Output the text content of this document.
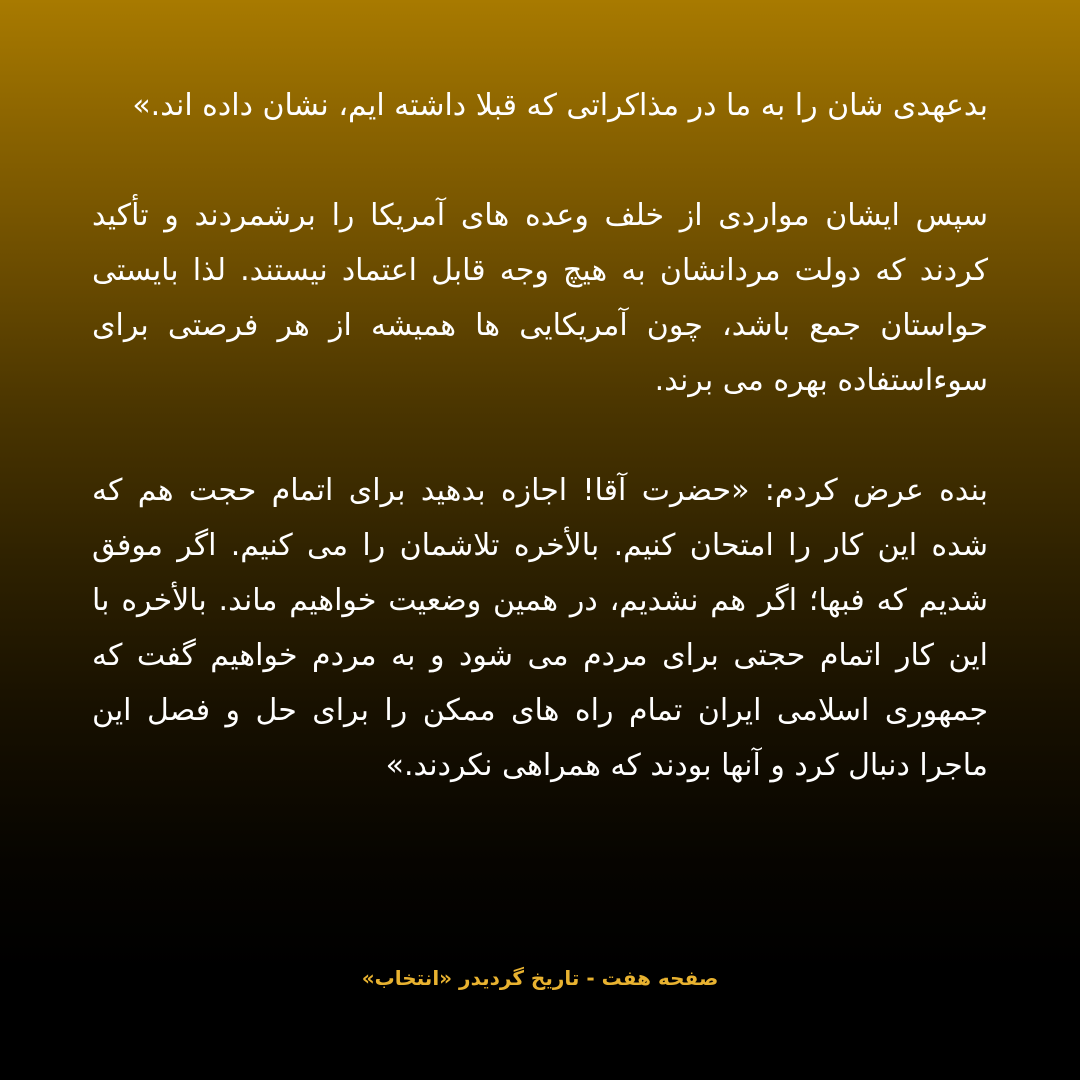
بدعهدی شان را به ما در مذاکراتی که قبلا داشته ایم، نشان داده اند.»

سپس ایشان مواردی از خلف وعده های آمریکا را برشمردند و تأکید کردند که دولت مردانشان به هیچ وجه قابل اعتماد نیستند. لذا بایستی حواستان جمع باشد، چون آمریکایی ها همیشه از هر فرصتی برای سوءاستفاده بهره می برند.

بنده عرض کردم: «حضرت آقا! اجازه بدهید برای اتمام حجت هم که شده این کار را امتحان کنیم. بالأخره تلاشمان را می کنیم. اگر موفق شدیم که فبها؛ اگر هم نشدیم، در همین وضعیت خواهیم ماند. بالأخره با این کار اتمام حجتی برای مردم می شود و به مردم خواهیم گفت که جمهوری اسلامی ایران تمام راه های ممکن را برای حل و فصل این ماجرا دنبال کرد و آنها بودند که همراهی نکردند.»

صفحه هفت - تاریخ گردیدر «انتخاب»
